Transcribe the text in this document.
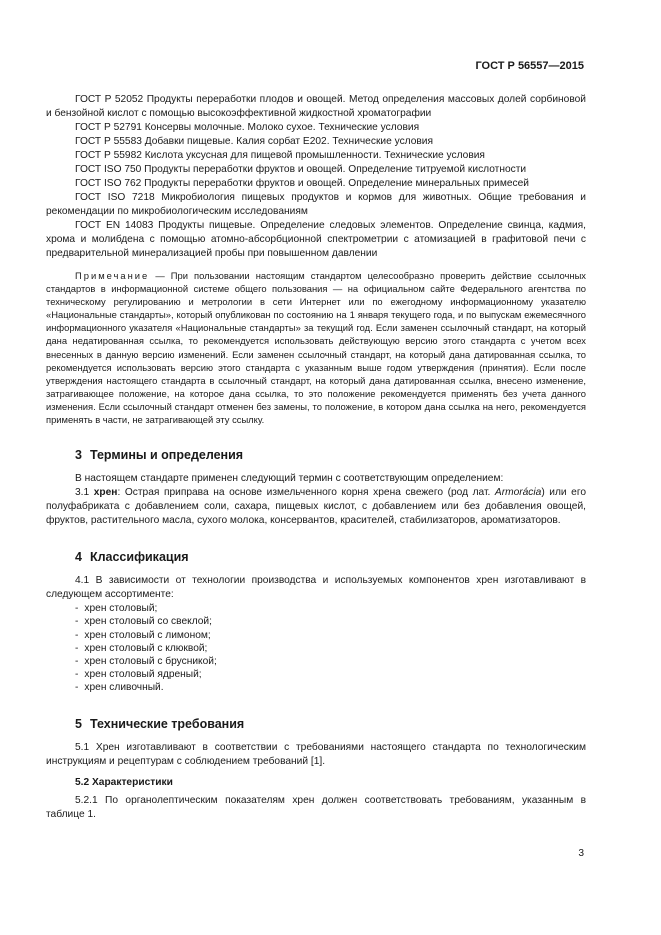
ГОСТ Р 56557—2015

ГОСТ Р 52052 Продукты переработки плодов и овощей. Метод определения массовых долей сорбиновой и бензойной кислот с помощью высокоэффективной жидкостной хроматографии

ГОСТ Р 52791 Консервы молочные. Молоко сухое. Технические условия

ГОСТ Р 55583 Добавки пищевые. Калия сорбат Е202. Технические условия

ГОСТ Р 55982 Кислота уксусная для пищевой промышленности. Технические условия

ГОСТ ISO 750 Продукты переработки фруктов и овощей. Определение титруемой кислотности

ГОСТ ISO 762 Продукты переработки фруктов и овощей. Определение минеральных примесей

ГОСТ ISO 7218 Микробиология пищевых продуктов и кормов для животных. Общие требования и рекомендации по микробиологическим исследованиям

ГОСТ EN 14083 Продукты пищевые. Определение следовых элементов. Определение свинца, кадмия, хрома и молибдена с помощью атомно-абсорбционной спектрометрии с атомизацией в графитовой печи с предварительной минерализацией пробы при повышенном давлении

Примечание — При пользовании настоящим стандартом целесообразно проверить действие ссылочных стандартов в информационной системе общего пользования — на официальном сайте Федерального агентства по техническому регулированию и метрологии в сети Интернет или по ежегодному информационному указателю «Национальные стандарты», который опубликован по состоянию на 1 января текущего года, и по выпускам ежемесячного информационного указателя «Национальные стандарты» за текущий год. Если заменен ссылочный стандарт, на который дана недатированная ссылка, то рекомендуется использовать действующую версию этого стандарта с учетом всех внесенных в данную версию изменений. Если заменен ссылочный стандарт, на который дана датированная ссылка, то рекомендуется использовать версию этого стандарта с указанным выше годом утверждения (принятия). Если после утверждения настоящего стандарта в ссылочный стандарт, на который дана датированная ссылка, внесено изменение, затрагивающее положение, на которое дана ссылка, то это положение рекомендуется применять без учета данного изменения. Если ссылочный стандарт отменен без замены, то положение, в котором дана ссылка на него, рекомендуется применять в части, не затрагивающей эту ссылку.

3 Термины и определения

В настоящем стандарте применен следующий термин с соответствующим определением:

3.1 хрен: Острая приправа на основе измельченного корня хрена свежего (род лат. Armorácia) или его полуфабриката с добавлением соли, сахара, пищевых кислот, с добавлением или без добавления овощей, фруктов, растительного масла, сухого молока, консервантов, красителей, стабилизаторов, ароматизаторов.

4 Классификация

4.1 В зависимости от технологии производства и используемых компонентов хрен изготавливают в следующем ассортименте:

- хрен столовый;
- хрен столовый со свеклой;
- хрен столовый с лимоном;
- хрен столовый с клюквой;
- хрен столовый с брусникой;
- хрен столовый ядреный;
- хрен сливочный.
5 Технические требования

5.1 Хрен изготавливают в соответствии с требованиями настоящего стандарта по технологическим инструкциям и рецептурам с соблюдением требований [1].

5.2 Характеристики

5.2.1 По органолептическим показателям хрен должен соответствовать требованиям, указанным в таблице 1.

3
